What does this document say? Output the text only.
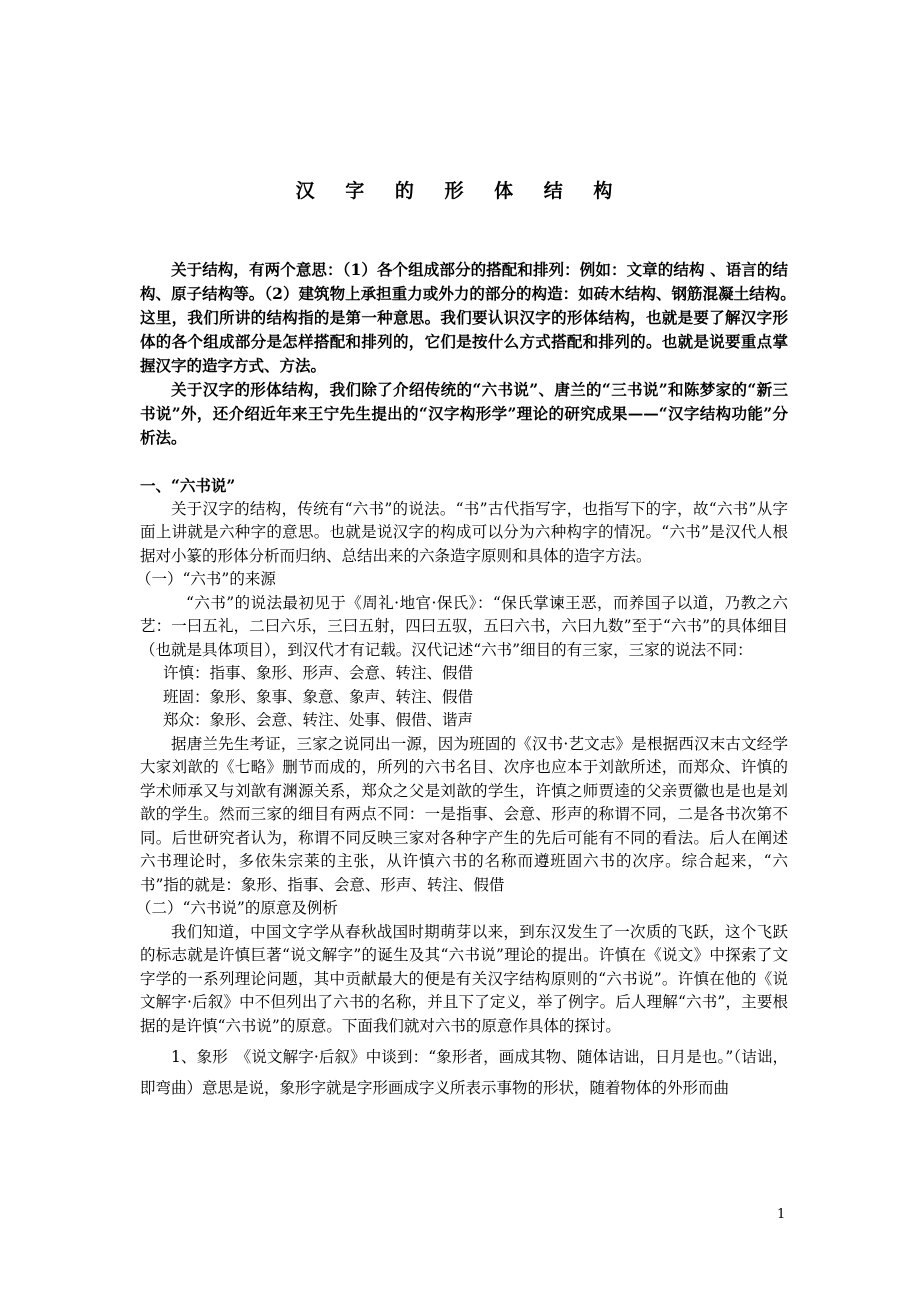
汉 字 的 形 体 结 构

关于结构，有两个意思：（1）各个组成部分的搭配和排列：例如：文章的结构 、语言的结构、原子结构等。（2）建筑物上承担重力或外力的部分的构造：如砖木结构、钢筋混凝土结构。　　这里，我们所讲的结构指的是第一种意思。我们要认识汉字的形体结构，也就是要了解汉字形体的各个组成部分是怎样搭配和排列的，它们是按什么方式搭配和排列的。也就是说要重点掌握汉字的造字方式、方法。

关于汉字的形体结构，我们除了介绍传统的“六书说”、唐兰的“三书说”和陈梦家的“新三书说”外，还介绍近年来王宁先生提出的“汉字构形学”理论的研究成果——“汉字结构功能”分析法。

一、“六书说”

关于汉字的结构，传统有“六书”的说法。“书”古代指写字，也指写下的字，故“六书”从字面上讲就是六种字的意思。也就是说汉字的构成可以分为六种构字的情况。“六书”是汉代人根据对小篆的形体分析而归纳、总结出来的六条造字原则和具体的造字方法。

（一）“六书”的来源

“六书”的说法最初见于《周礼·地官·保氏》：“保氏掌谏王恶，而养国子以道，乃教之六艺：一曰五礼，二曰六乐，三曰五射，四曰五驭，五曰六书，六曰九数”至于“六书”的具体细目（也就是具体项目），到汉代才有记载。汉代记述“六书”细目的有三家，三家的说法不同：

许慎：指事、象形、形声、会意、转注、假借

班固：象形、象事、象意、象声、转注、假借

郑众：象形、会意、转注、处事、假借、谐声

据唐兰先生考证，三家之说同出一源，因为班固的《汉书·艺文志》是根据西汉末古文经学大家刘歆的《七略》删节而成的，所列的六书名目、次序也应本于刘歆所述，而郑众、许慎的学术师承又与刘歆有渊源关系，郑众之父是刘歆的学生，许慎之师贾逵的父亲贾徽也是也是刘歆的学生。然而三家的细目有两点不同：一是指事、会意、形声的称谓不同，二是各书次第不同。后世研究者认为，称谓不同反映三家对各种字产生的先后可能有不同的看法。后人在阐述六书理论时，多依朱宗莱的主张，从许慎六书的名称而遵班固六书的次序。综合起来，“六书”指的就是：象形、指事、会意、形声、转注、假借

（二）“六书说”的原意及例析

我们知道，中国文字学从春秋战国时期萌芽以来，到东汉发生了一次质的飞跃，这个飞跃的标志就是许慎巨著“说文解字”的诞生及其“六书说”理论的提出。许慎在《说文》中探索了文字学的一系列理论问题，其中贡献最大的便是有关汉字结构原则的“六书说”。许慎在他的《说文解字·后叙》中不但列出了六书的名称，并且下了定义，举了例字。后人理解“六书”，主要根据的是许慎“六书说”的原意。下面我们就对六书的原意作具体的探讨。

1、象形　《说文解字·后叙》中谈到：“象形者，画成其物、随体诘诎，日月是也。”（诘诎，即弯曲）意思是说，象形字就是字形画成字义所表示事物的形状，随着物体的外形而曲

1
